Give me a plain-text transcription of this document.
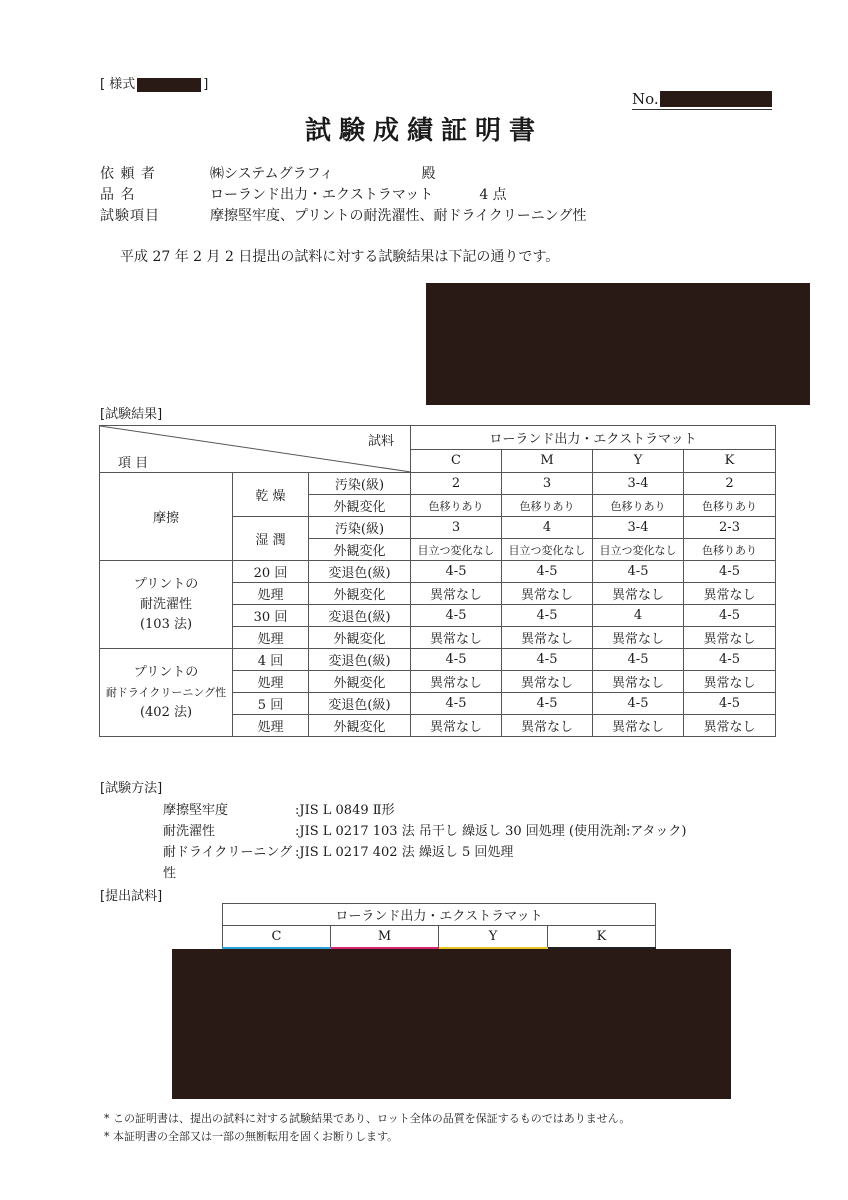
[ 様式	]
No.
試験成績証明書
依 頼 者	㈱システムグラフィ	殿
品 名	ローランド出力・エクストラマット	4 点
試験項目	摩擦堅牢度、プリントの耐洗濯性、耐ドライクリーニング性
平成 27 年 2 月 2 日提出の試料に対する試験結果は下記の通りです。
[試験結果]
試料
項 目			ローランド出力・エクストラマット			
			C	M	Y	K
摩擦	乾 燥	汚染(級)	2	3	3-4	2
		外観変化	色移りあり	色移りあり	色移りあり	色移りあり
	湿 潤	汚染(級)	3	4	3-4	2-3
		外観変化	目立つ変化なし	目立つ変化なし	目立つ変化なし	色移りあり

プリントの
耐洗濯性
(103 法)	20 回	変退色(級)	4-5	4-5	4-5	4-5
	処理	外観変化	異常なし	異常なし	異常なし	異常なし
	30 回	変退色(級)	4-5	4-5	4	4-5
	処理	外観変化	異常なし	異常なし	異常なし	異常なし

プリントの
耐ドライクリーニング性
(402 法)	4 回	変退色(級)	4-5	4-5	4-5	4-5
	処理	外観変化	異常なし	異常なし	異常なし	異常なし
	5 回	変退色(級)	4-5	4-5	4-5	4-5
	処理	外観変化	異常なし	異常なし	異常なし	異常なし
[試験方法]
摩擦堅牢度	:JIS L 0849 Ⅱ形
耐洗濯性	:JIS L 0217 103 法 吊干し 繰返し 30 回処理 (使用洗剤:アタック)
耐ドライクリーニング性
:JIS L 0217 402 法 繰返し 5 回処理
[提出試料]
ローランド出力・エクストラマット
C	M	Y	K
* この証明書は、提出の試料に対する試験結果であり、ロット全体の品質を保証するものではありません。
* 本証明書の全部又は一部の無断転用を固くお断りします。
